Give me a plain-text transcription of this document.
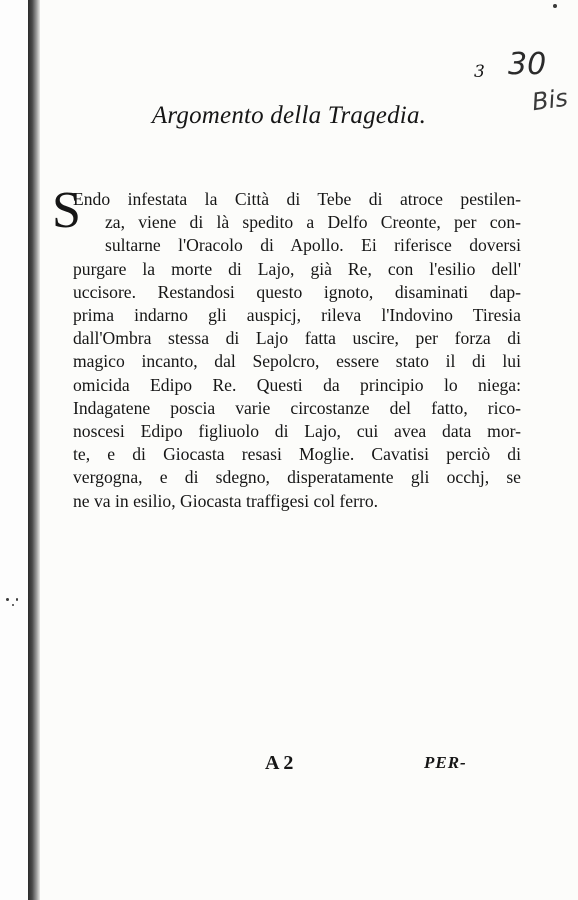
3 30
Bis
Argomento della Tragedia.
S
Endo infestata la Città di Tebe di atroce pestilen-
za, viene di là spedito a Delfo Creonte, per con-
sultarne l'Oracolo di Apollo. Ei riferisce doversi
purgare la morte di Lajo, già Re, con l'esilio dell'
uccisore. Restandosi questo ignoto, disaminati dap-
prima indarno gli auspicj, rileva l'Indovino Tiresia
dall'Ombra stessa di Lajo fatta uscire, per forza di
magico incanto, dal Sepolcro, essere stato il di lui
omicida Edipo Re. Questi da principio lo niega:
Indagatene poscia varie circostanze del fatto, rico-
noscesi Edipo figliuolo di Lajo, cui avea data mor-
te, e di Giocasta resasi Moglie. Cavatisi perciò di
vergogna, e di sdegno, disperatamente gli occhj, se
ne va in esilio, Giocasta traffigesi col ferro.
A 2	PER-
